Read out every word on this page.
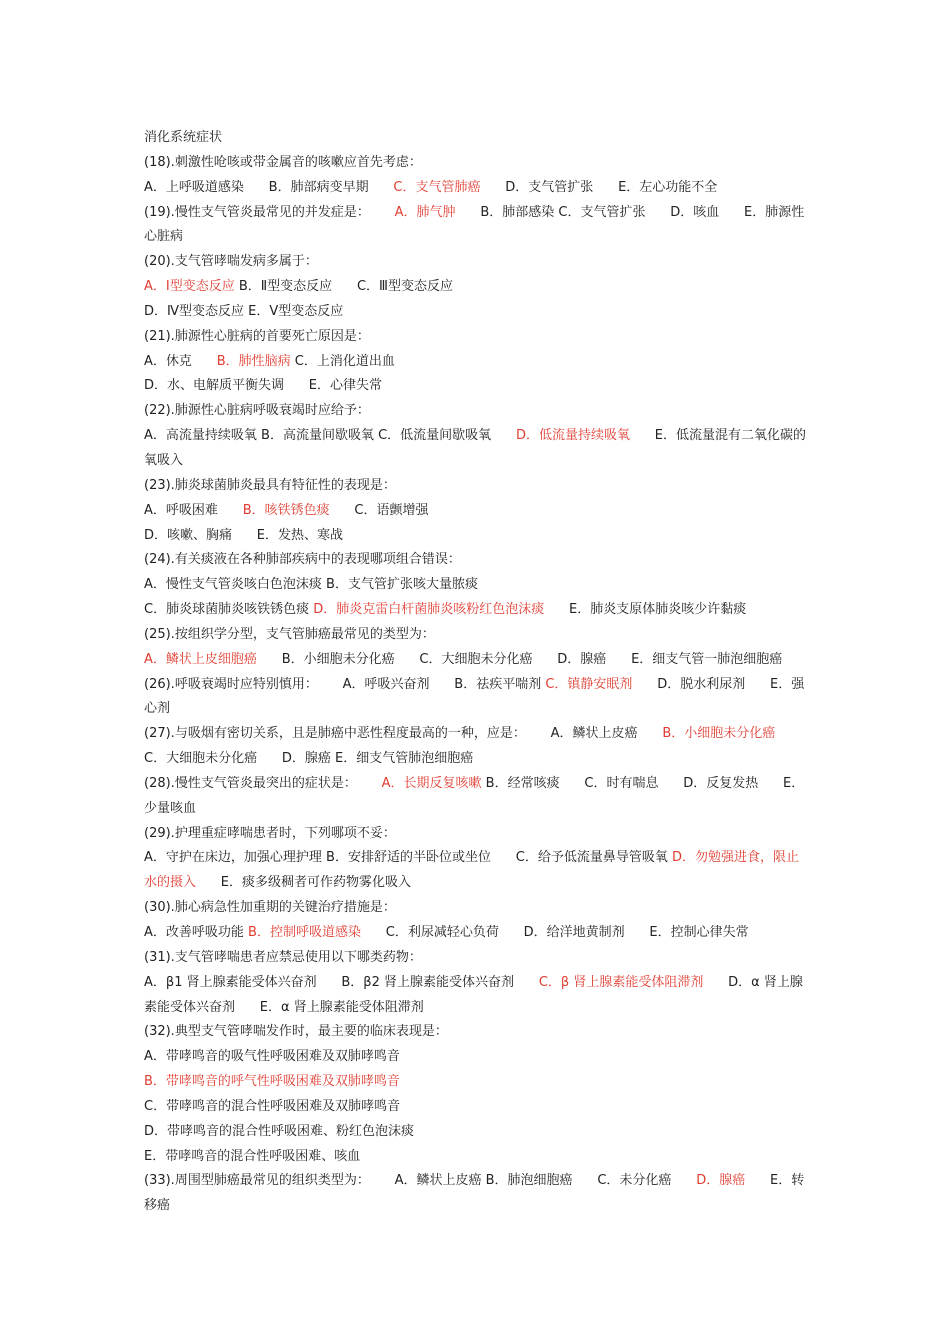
消化系统症状
(18).刺激性呛咳或带金属音的咳嗽应首先考虑：
A．上呼吸道感染      B．肺部病变早期      C．支气管肺癌      D．支气管扩张      E．左心功能不全
(19).慢性支气管炎最常见的并发症是：      A．肺气肿      B．肺部感染 C．支气管扩张      D．咳血      E．肺源性心脏病
(20).支气管哮喘发病多属于：
A．Ⅰ型变态反应 B．Ⅱ型变态反应      C．Ⅲ型变态反应
D．Ⅳ型变态反应 E．Ⅴ型变态反应
(21).肺源性心脏病的首要死亡原因是：
A．休克      B．肺性脑病 C．上消化道出血
D．水、电解质平衡失调      E．心律失常
(22).肺源性心脏病呼吸衰竭时应给予：
A．高流量持续吸氧 B．高流量间歇吸氧 C．低流量间歇吸氧      D．低流量持续吸氧      E．低流量混有二氧化碳的氧吸入
(23).肺炎球菌肺炎最具有特征性的表现是：
A．呼吸困难      B．咳铁锈色痰      C．语颤增强
D．咳嗽、胸痛      E．发热、寒战
(24).有关痰液在各种肺部疾病中的表现哪项组合错误：
A．慢性支气管炎咳白色泡沫痰 B．支气管扩张咳大量脓痰
C．肺炎球菌肺炎咳铁锈色痰 D．肺炎克雷白杆菌肺炎咳粉红色泡沫痰      E．肺炎支原体肺炎咳少许黏痰
(25).按组织学分型，支气管肺癌最常见的类型为：
A．鳞状上皮细胞癌      B．小细胞未分化癌      C．大细胞未分化癌      D．腺癌      E．细支气管一肺泡细胞癌
(26).呼吸衰竭时应特别慎用：      A．呼吸兴奋剂      B．祛疾平喘剂 C．镇静安眠剂      D．脱水利尿剂      E．强心剂
(27).与吸烟有密切关系，且是肺癌中恶性程度最高的一种，应是：      A．鳞状上皮癌      B．小细胞未分化癌      C．大细胞未分化癌      D．腺癌 E．细支气管肺泡细胞癌
(28).慢性支气管炎最突出的症状是：      A．长期反复咳嗽 B．经常咳痰      C．时有喘息      D．反复发热      E．少量咳血
(29).护理重症哮喘患者时，下列哪项不妥：
A．守护在床边，加强心理护理 B．安排舒适的半卧位或坐位      C．给予低流量鼻导管吸氧 D．勿勉强进食，限止水的摄入      E．痰多级稠者可作药物雾化吸入
(30).肺心病急性加重期的关键治疗措施是：
A．改善呼吸功能 B．控制呼吸道感染      C．利尿减轻心负荷      D．给洋地黄制剂      E．控制心律失常
(31).支气管哮喘患者应禁忌使用以下哪类药物：
A．β1 肾上腺素能受体兴奋剂      B．β2 肾上腺素能受体兴奋剂      C．β 肾上腺素能受体阻滞剂      D．α 肾上腺素能受体兴奋剂      E．α 肾上腺素能受体阻滞剂
(32).典型支气管哮喘发作时，最主要的临床表现是：
A．带哮鸣音的吸气性呼吸困难及双肺哮鸣音
B．带哮鸣音的呼气性呼吸困难及双肺哮鸣音
C．带哮鸣音的混合性呼吸困难及双肺哮鸣音
D．带哮鸣音的混合性呼吸困难、粉红色泡沫痰
E．带哮鸣音的混合性呼吸困难、咳血
(33).周围型肺癌最常见的组织类型为：      A．鳞状上皮癌 B．肺泡细胞癌      C．未分化癌      D．腺癌      E．转移癌
